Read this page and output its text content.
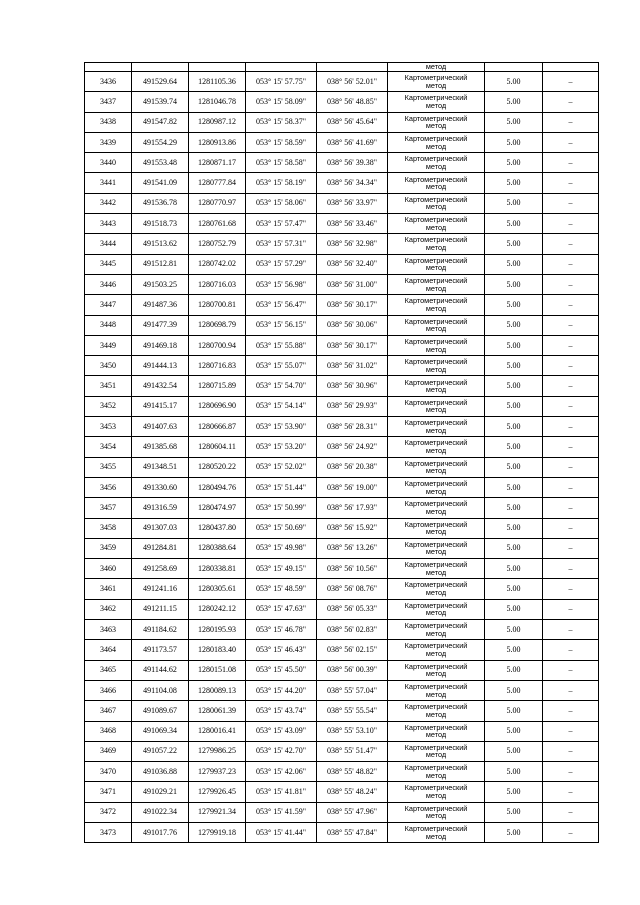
					метод		
3436	491529.64	1281105.36	053° 15' 57.75"	038° 56' 52.01"	Картометрический
метод	5.00	–
3437	491539.74	1281046.78	053° 15' 58.09"	038° 56' 48.85"	Картометрический
метод	5.00	–
3438	491547.82	1280987.12	053° 15' 58.37"	038° 56' 45.64"	Картометрический
метод	5.00	–
3439	491554.29	1280913.86	053° 15' 58.59"	038° 56' 41.69"	Картометрический
метод	5.00	–
3440	491553.48	1280871.17	053° 15' 58.58"	038° 56' 39.38"	Картометрический
метод	5.00	–
3441	491541.09	1280777.84	053° 15' 58.19"	038° 56' 34.34"	Картометрический
метод	5.00	–
3442	491536.78	1280770.97	053° 15' 58.06"	038° 56' 33.97"	Картометрический
метод	5.00	–
3443	491518.73	1280761.68	053° 15' 57.47"	038° 56' 33.46"	Картометрический
метод	5.00	–
3444	491513.62	1280752.79	053° 15' 57.31"	038° 56' 32.98"	Картометрический
метод	5.00	–
3445	491512.81	1280742.02	053° 15' 57.29"	038° 56' 32.40"	Картометрический
метод	5.00	–
3446	491503.25	1280716.03	053° 15' 56.98"	038° 56' 31.00"	Картометрический
метод	5.00	–
3447	491487.36	1280700.81	053° 15' 56.47"	038° 56' 30.17"	Картометрический
метод	5.00	–
3448	491477.39	1280698.79	053° 15' 56.15"	038° 56' 30.06"	Картометрический
метод	5.00	–
3449	491469.18	1280700.94	053° 15' 55.88"	038° 56' 30.17"	Картометрический
метод	5.00	–
3450	491444.13	1280716.83	053° 15' 55.07"	038° 56' 31.02"	Картометрический
метод	5.00	–
3451	491432.54	1280715.89	053° 15' 54.70"	038° 56' 30.96"	Картометрический
метод	5.00	–
3452	491415.17	1280696.90	053° 15' 54.14"	038° 56' 29.93"	Картометрический
метод	5.00	–
3453	491407.63	1280666.87	053° 15' 53.90"	038° 56' 28.31"	Картометрический
метод	5.00	–
3454	491385.68	1280604.11	053° 15' 53.20"	038° 56' 24.92"	Картометрический
метод	5.00	–
3455	491348.51	1280520.22	053° 15' 52.02"	038° 56' 20.38"	Картометрический
метод	5.00	–
3456	491330.60	1280494.76	053° 15' 51.44"	038° 56' 19.00"	Картометрический
метод	5.00	–
3457	491316.59	1280474.97	053° 15' 50.99"	038° 56' 17.93"	Картометрический
метод	5.00	–
3458	491307.03	1280437.80	053° 15' 50.69"	038° 56' 15.92"	Картометрический
метод	5.00	–
3459	491284.81	1280388.64	053° 15' 49.98"	038° 56' 13.26"	Картометрический
метод	5.00	–
3460	491258.69	1280338.81	053° 15' 49.15"	038° 56' 10.56"	Картометрический
метод	5.00	–
3461	491241.16	1280305.61	053° 15' 48.59"	038° 56' 08.76"	Картометрический
метод	5.00	–
3462	491211.15	1280242.12	053° 15' 47.63"	038° 56' 05.33"	Картометрический
метод	5.00	–
3463	491184.62	1280195.93	053° 15' 46.78"	038° 56' 02.83"	Картометрический
метод	5.00	–
3464	491173.57	1280183.40	053° 15' 46.43"	038° 56' 02.15"	Картометрический
метод	5.00	–
3465	491144.62	1280151.08	053° 15' 45.50"	038° 56' 00.39"	Картометрический
метод	5.00	–
3466	491104.08	1280089.13	053° 15' 44.20"	038° 55' 57.04"	Картометрический
метод	5.00	–
3467	491089.67	1280061.39	053° 15' 43.74"	038° 55' 55.54"	Картометрический
метод	5.00	–
3468	491069.34	1280016.41	053° 15' 43.09"	038° 55' 53.10"	Картометрический
метод	5.00	–
3469	491057.22	1279986.25	053° 15' 42.70"	038° 55' 51.47"	Картометрический
метод	5.00	–
3470	491036.88	1279937.23	053° 15' 42.06"	038° 55' 48.82"	Картометрический
метод	5.00	–
3471	491029.21	1279926.45	053° 15' 41.81"	038° 55' 48.24"	Картометрический
метод	5.00	–
3472	491022.34	1279921.34	053° 15' 41.59"	038° 55' 47.96"	Картометрический
метод	5.00	–
3473	491017.76	1279919.18	053° 15' 41.44"	038° 55' 47.84"	Картометрический
метод	5.00	–
